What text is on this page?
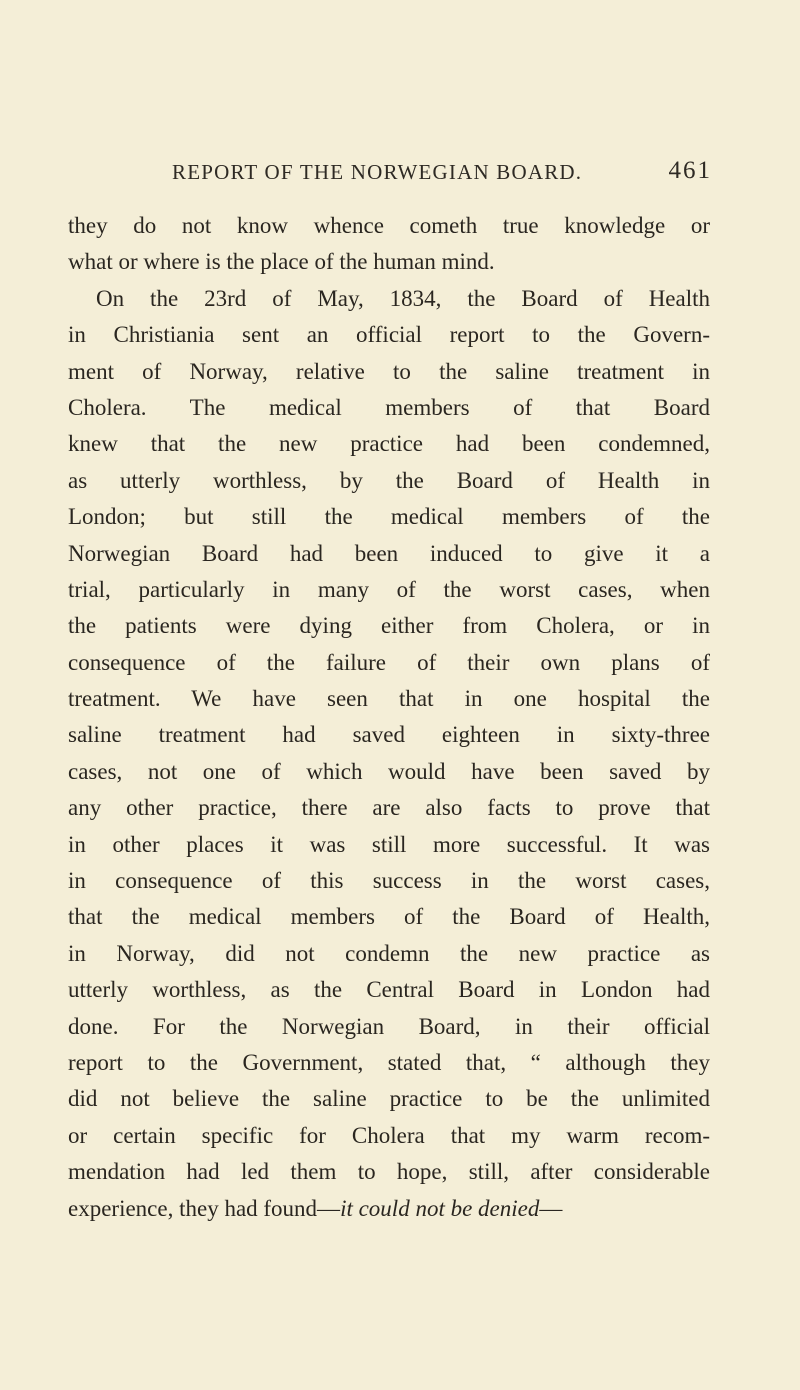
REPORT OF THE NORWEGIAN BOARD.	461
they do not know whence cometh true knowledge or
what or where is the place of the human mind.
On the 23rd of May, 1834, the Board of Health
in Christiania sent an official report to the Govern-
ment of Norway, relative to the saline treatment in
Cholera. The medical members of that Board
knew that the new practice had been condemned,
as utterly worthless, by the Board of Health in
London; but still the medical members of the
Norwegian Board had been induced to give it a
trial, particularly in many of the worst cases, when
the patients were dying either from Cholera, or in
consequence of the failure of their own plans of
treatment. We have seen that in one hospital the
saline treatment had saved eighteen in sixty-three
cases, not one of which would have been saved by
any other practice, there are also facts to prove that
in other places it was still more successful. It was
in consequence of this success in the worst cases,
that the medical members of the Board of Health,
in Norway, did not condemn the new practice as
utterly worthless, as the Central Board in London had
done. For the Norwegian Board, in their official
report to the Government, stated that, “ although they
did not believe the saline practice to be the unlimited
or certain specific for Cholera that my warm recom-
mendation had led them to hope, still, after considerable
experience, they had found—it could not be denied—
